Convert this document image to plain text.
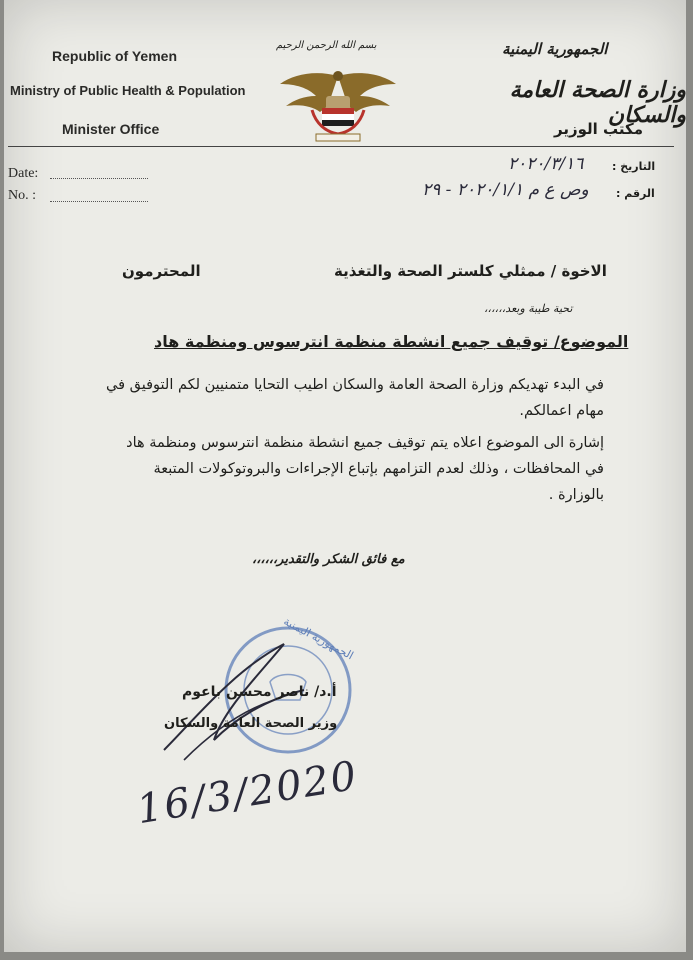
Republic of Yemen
Ministry of Public Health & Population
Minister Office
بسم الله الرحمن الرحيم	الجمهورية اليمنية
وزارة الصحة العامة والسكان
مكتب الوزير
Date:
No. :
التاريخ :
٢٠٢٠/٣/١٦
الرقم :
وص ع م ٢٠٢٠/١/١ - ٢٩
الاخوة / ممثلي كلستر الصحة والتغذية
المحترمون
تحية طيبة وبعد،،،،،،
الموضوع/ توقيف جميع انشطة منظمة انترسوس ومنظمة هاد
في البدء تهديكم وزارة الصحة العامة والسكان اطيب التحايا متمنيين لكم التوفيق في
مهام اعمالكم.
إشارة الى الموضوع اعلاه يتم توقيف جميع انشطة منظمة انترسوس ومنظمة هاد
في المحافظات ، وذلك لعدم التزامهم بإتباع الإجراءات والبروتوكولات المتبعة
بالوزارة .
مع فائق الشكر والتقدير،،،،،،
الجمهورية اليمنية
أ.د/ ناصر محسن باعوم
وزير الصحة العامة والسكان
16/3/2020
